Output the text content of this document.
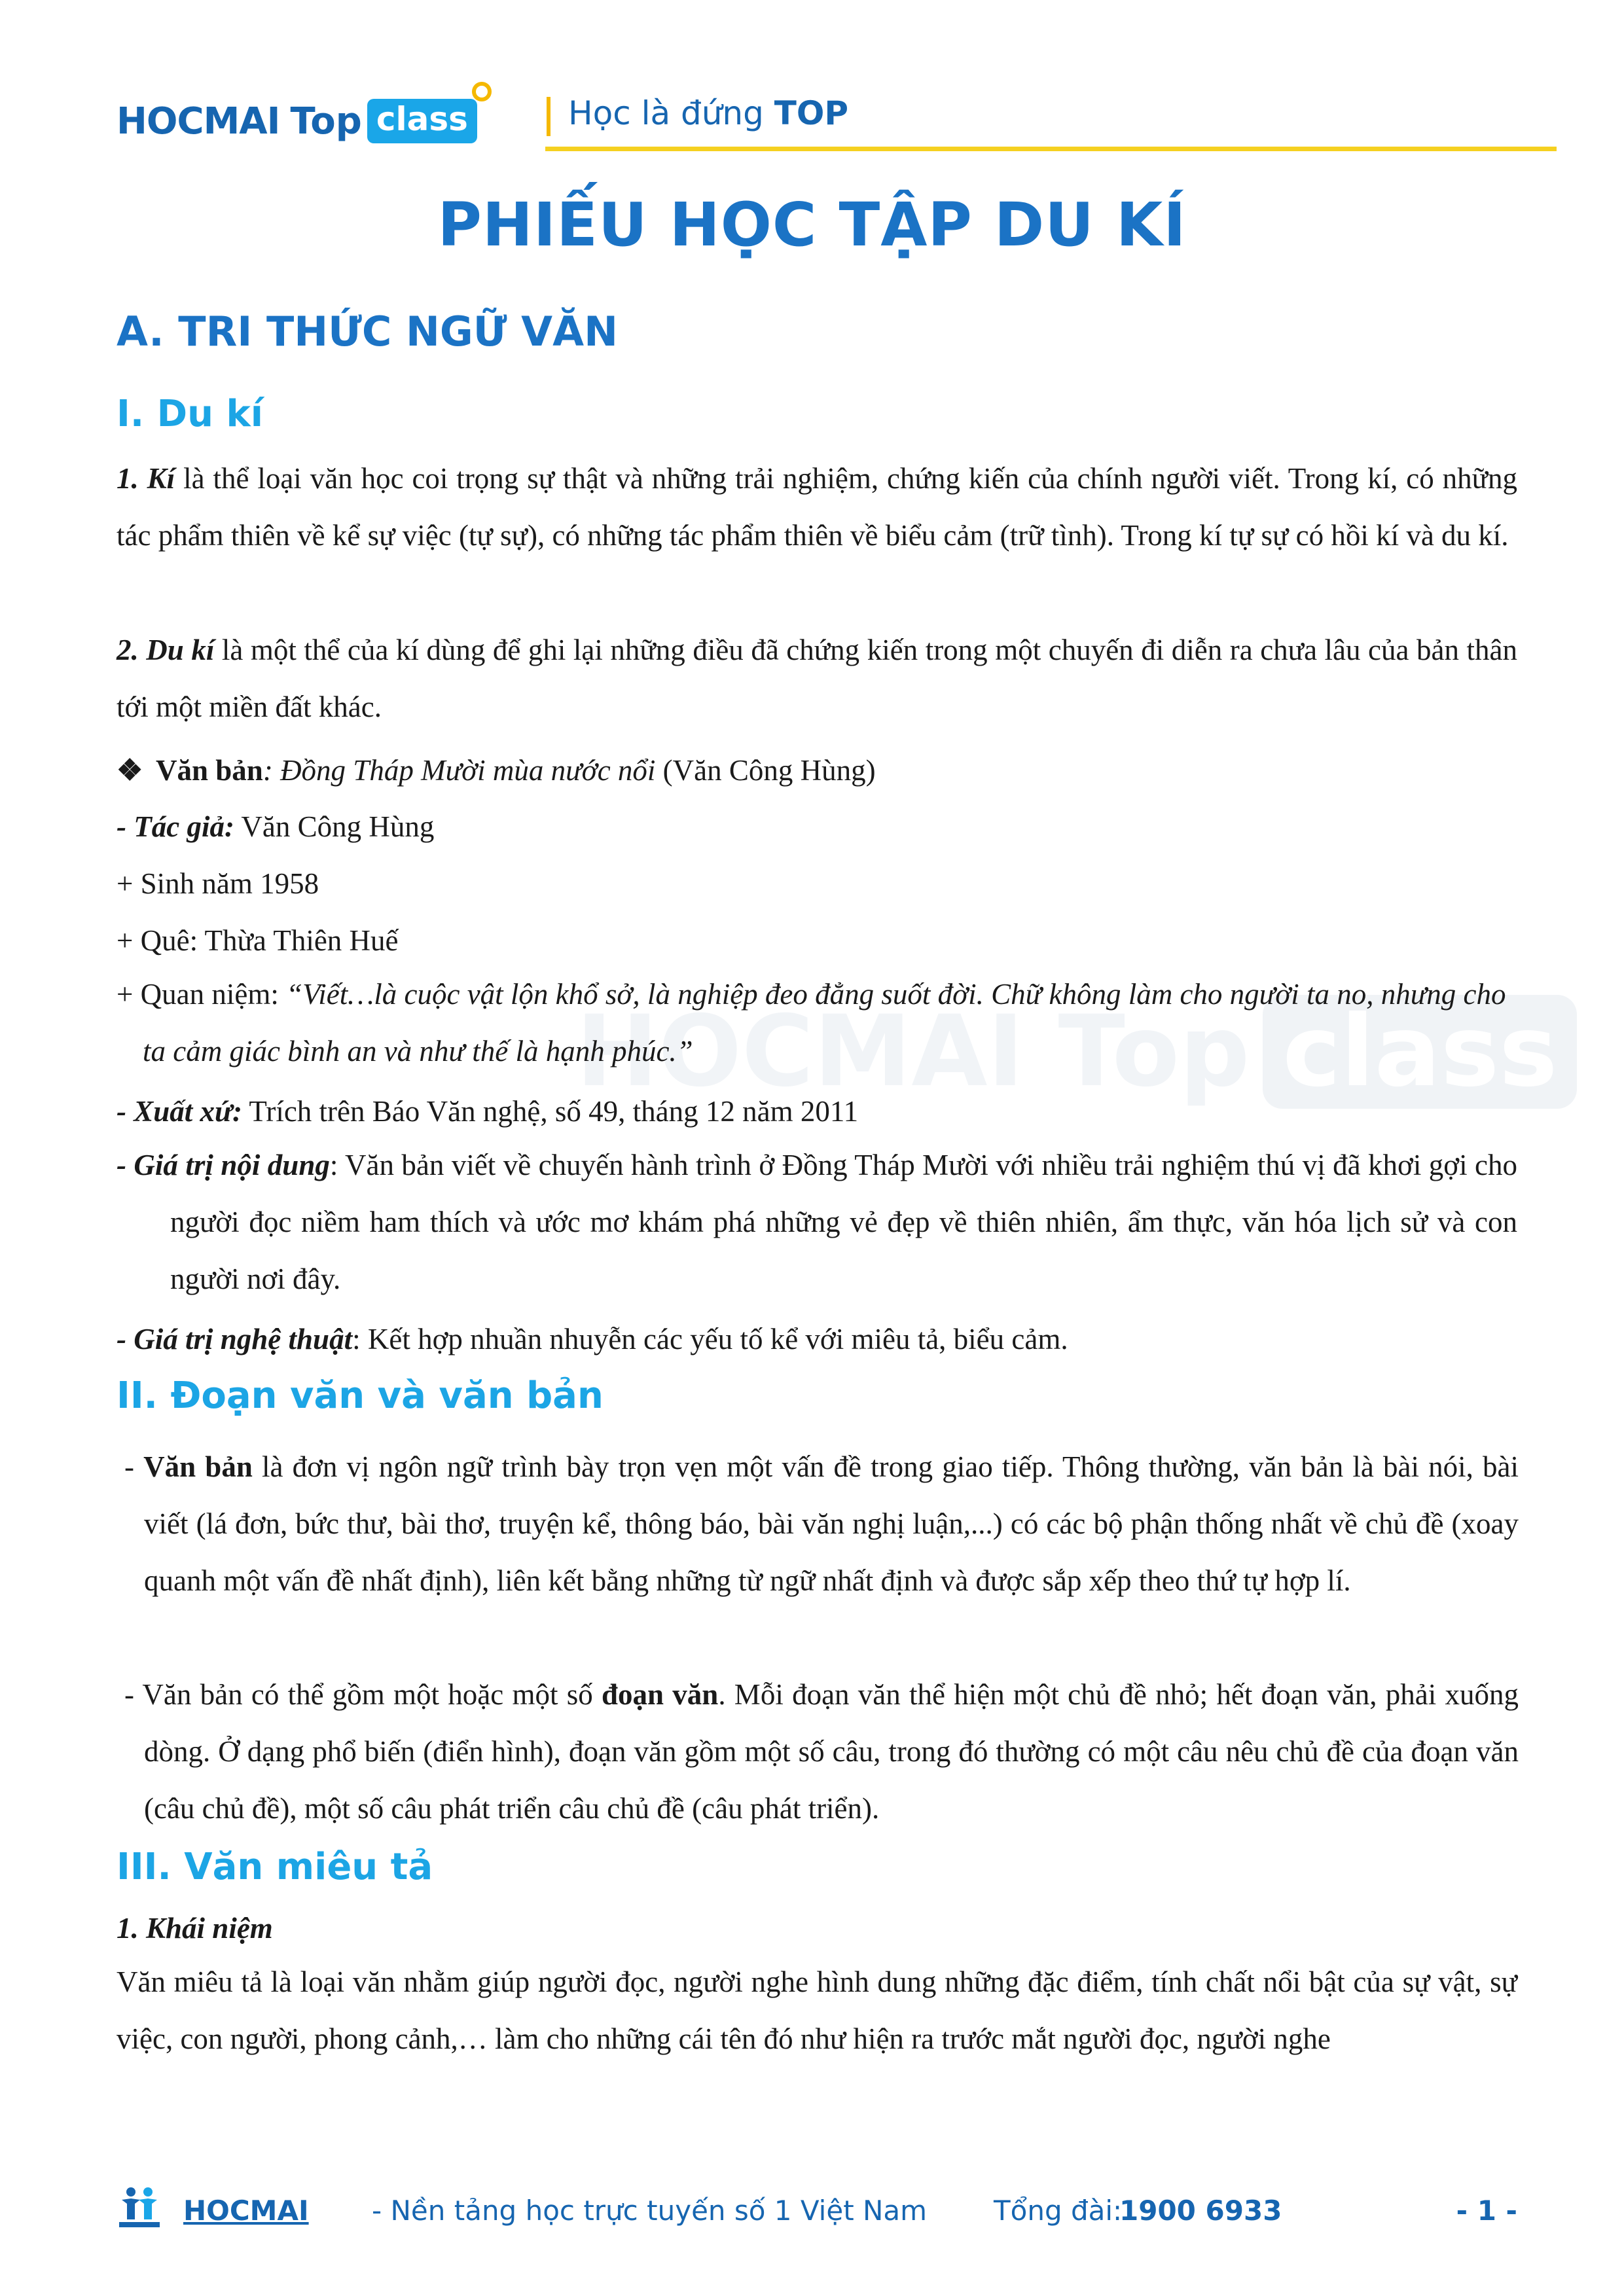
HOCMAI Top class	Học là đứng TOP
HOCMAI Top class
PHIẾU HỌC TẬP DU KÍ
A. TRI THỨC NGỮ VĂN
I. Du kí
1. Kí là thể loại văn học coi trọng sự thật và những trải nghiệm, chứng kiến của chính người viết. Trong kí, có những tác phẩm thiên về kể sự việc (tự sự), có những tác phẩm thiên về biểu cảm (trữ tình). Trong kí tự sự có hồi kí và du kí.
2. Du kí là một thể của kí dùng để ghi lại những điều đã chứng kiến trong một chuyến đi diễn ra chưa lâu của bản thân tới một miền đất khác.
❖ Văn bản: Đồng Tháp Mười mùa nước nổi (Văn Công Hùng)
- Tác giả: Văn Công Hùng
+ Sinh năm 1958
+ Quê: Thừa Thiên Huế
+ Quan niệm: “Viết…là cuộc vật lộn khổ sở, là nghiệp đeo đẳng suốt đời. Chữ không làm cho người ta no, nhưng cho ta cảm giác bình an và như thế là hạnh phúc.”
- Xuất xứ: Trích trên Báo Văn nghệ, số 49, tháng 12 năm 2011
- Giá trị nội dung: Văn bản viết về chuyến hành trình ở Đồng Tháp Mười với nhiều trải nghiệm thú vị đã khơi gợi cho người đọc niềm ham thích và ước mơ khám phá những vẻ đẹp về thiên nhiên, ẩm thực, văn hóa lịch sử và con người nơi đây.
- Giá trị nghệ thuật: Kết hợp nhuần nhuyễn các yếu tố kể với miêu tả, biểu cảm.
II. Đoạn văn và văn bản
- Văn bản là đơn vị ngôn ngữ trình bày trọn vẹn một vấn đề trong giao tiếp. Thông thường, văn bản là bài nói, bài viết (lá đơn, bức thư, bài thơ, truyện kể, thông báo, bài văn nghị luận,...) có các bộ phận thống nhất về chủ đề (xoay quanh một vấn đề nhất định), liên kết bằng những từ ngữ nhất định và được sắp xếp theo thứ tự hợp lí.
- Văn bản có thể gồm một hoặc một số đoạn văn. Mỗi đoạn văn thể hiện một chủ đề nhỏ; hết đoạn văn, phải xuống dòng. Ở dạng phổ biến (điển hình), đoạn văn gồm một số câu, trong đó thường có một câu nêu chủ đề của đoạn văn (câu chủ đề), một số câu phát triển câu chủ đề (câu phát triển).
III. Văn miêu tả
1. Khái niệm
Văn miêu tả là loại văn nhằm giúp người đọc, người nghe hình dung những đặc điểm, tính chất nổi bật của sự vật, sự việc, con người, phong cảnh,… làm cho những cái tên đó như hiện ra trước mắt người đọc, người nghe
HOCMAI - Nền tảng học trực tuyến số 1 Việt Nam Tổng đài:
1900 6933	- 1 -
